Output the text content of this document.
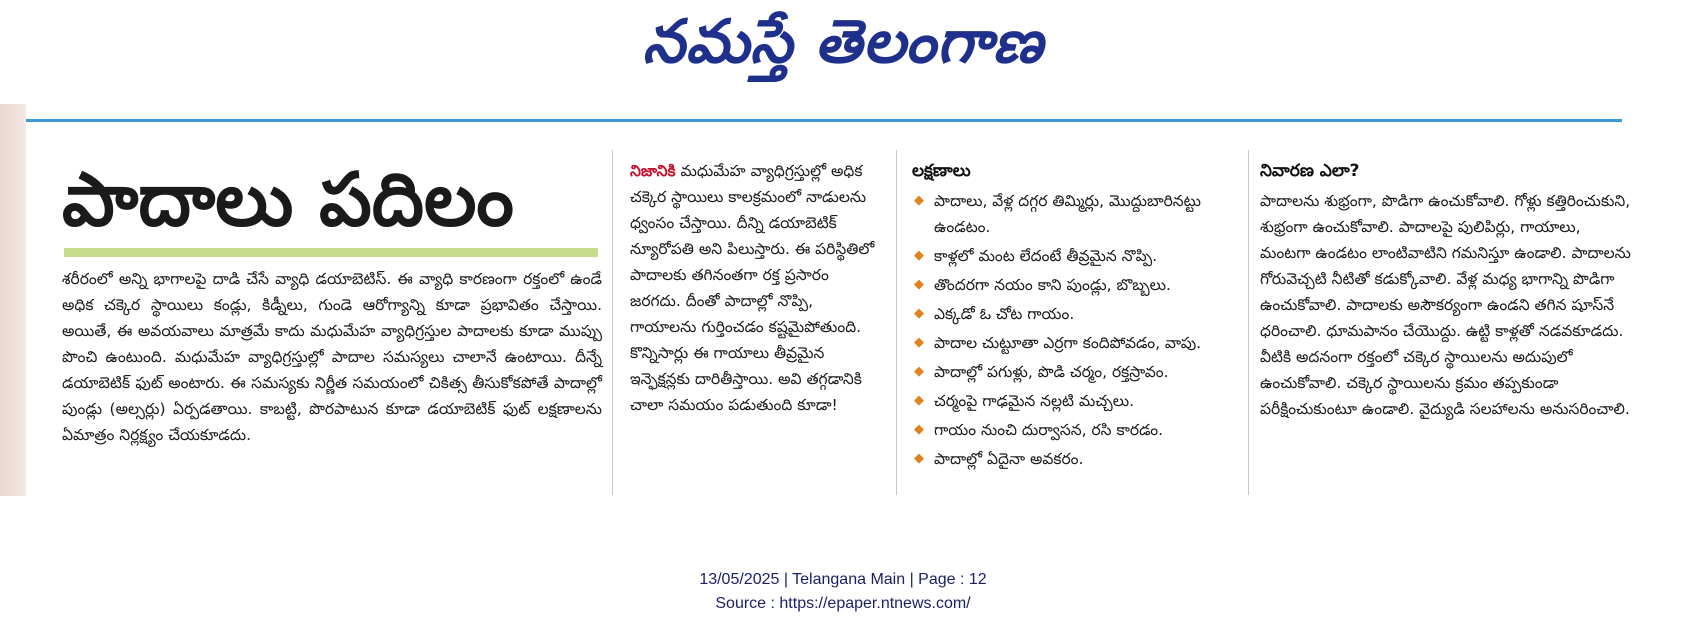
నమస్తే తెలంగాణ
పాదాలు పదిలం

శరీరంలో అన్ని భాగాలపై దాడి చేసే వ్యాధి డయాబెటిస్. ఈ వ్యాధి కారణంగా రక్తంలో ఉండే అధిక చక్కెర స్థాయిలు కండ్లు, కిడ్నీలు, గుండె ఆరోగ్యాన్ని కూడా ప్రభావితం చేస్తాయి. అయితే, ఈ అవయవాలు మాత్రమే కాదు మధుమేహ వ్యాధిగ్రస్తుల పాదాలకు కూడా ముప్పు పొంచి ఉంటుంది. మధుమేహ వ్యాధిగ్రస్తుల్లో పాదాల సమస్యలు చాలానే ఉంటాయి. దీన్నే డయాబెటిక్ ఫుట్ అంటారు. ఈ సమస్యకు నిర్ణీత సమయంలో చికిత్స తీసుకోకపోతే పాదాల్లో పుండ్లు (అల్సర్లు) ఏర్పడతాయి. కాబట్టి, పొరపాటున కూడా డయాబెటిక్ ఫుట్ లక్షణాలను ఏమాత్రం నిర్లక్ష్యం చేయకూడదు.

నిజానికి మధుమేహ వ్యాధిగ్రస్తుల్లో అధిక చక్కెర స్థాయిలు కాలక్రమంలో నాడులను ధ్వంసం చేస్తాయి. దీన్ని డయాబెటిక్ న్యూరోపతి అని పిలుస్తారు. ఈ పరిస్థితిలో పాదాలకు తగినంతగా రక్త ప్రసారం జరగదు. దీంతో పాదాల్లో నొప్పి, గాయాలను గుర్తించడం కష్టమైపోతుంది. కొన్నిసార్లు ఈ గాయాలు తీవ్రమైన ఇన్ఫెక్షన్లకు దారితీస్తాయి. అవి తగ్గడానికి చాలా సమయం పడుతుంది కూడా!

లక్షణాలు
◆ పాదాలు, వేళ్ల దగ్గర తిమ్మిర్లు, మొద్దుబారినట్టు ఉండటం.
◆ కాళ్లలో మంట లేదంటే తీవ్రమైన నొప్పి.
◆ తొందరగా నయం కాని పుండ్లు, బొబ్బలు.
◆ ఎక్కడో ఓ చోట గాయం.
◆ పాదాల చుట్టూతా ఎర్రగా కందిపోవడం, వాపు.
◆ పాదాల్లో పగుళ్లు, పొడి చర్మం, రక్తస్రావం.
◆ చర్మంపై గాఢమైన నల్లటి మచ్చలు.
◆ గాయం నుంచి దుర్వాసన, రసి కారడం.
◆ పాదాల్లో ఏదైనా అవకరం.
నివారణ ఎలా?

పాదాలను శుభ్రంగా, పొడిగా ఉంచుకోవాలి. గోళ్లు కత్తిరించుకుని, శుభ్రంగా ఉంచుకోవాలి. పాదాలపై పులిపిర్లు, గాయాలు, మంటగా ఉండటం లాంటివాటిని గమనిస్తూ ఉండాలి. పాదాలను గోరువెచ్చటి నీటితో కడుక్కోవాలి. వేళ్ల మధ్య భాగాన్ని పొడిగా ఉంచుకోవాలి. పాదాలకు అసౌకర్యంగా ఉండని తగిన షూస్‌నే ధరించాలి. ధూమపానం చేయొద్దు. ఉట్టి కాళ్లతో నడవకూడదు. వీటికి అదనంగా రక్తంలో చక్కెర స్థాయిలను అదుపులో ఉంచుకోవాలి. చక్కెర స్థాయిలను క్రమం తప్పకుండా పరీక్షించుకుంటూ ఉండాలి. వైద్యుడి సలహాలను అనుసరించాలి.

13/05/2025 | Telangana Main | Page : 12
Source : https://epaper.ntnews.com/
